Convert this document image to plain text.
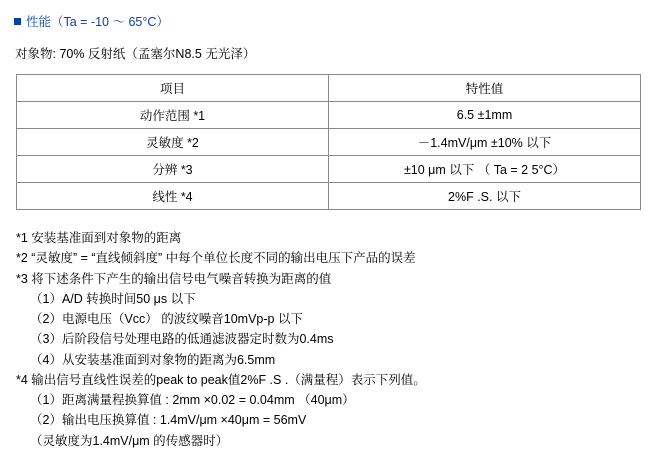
性能（Ta = -10 ～ 65°C）
对象物: 70% 反射纸（孟塞尔N8.5 无光泽）
项目	特性值
动作范围 *1	6.5 ±1mm
灵敏度 *2	－1.4mV/μm ±10% 以下
分辨 *3	±10 μm 以下 （ Ta = 2 5°C）
线性 *4	2%F .S. 以下
*1 安装基准面到对象物的距离
*2 “灵敏度” = “直线倾斜度” 中每个单位长度不同的输出电压下产品的误差
*3 将下述条件下产生的输出信号电气噪音转换为距离的值
（1）A/D 转换时间50 μs 以下
（2）电源电压（Vcc） 的波纹噪音10mVp-p 以下
（3）后阶段信号处理电路的低通滤波器定时数为0.4ms
（4）从安装基准面到对象物的距离为6.5mm
*4 输出信号直线性误差的peak to peak值2%F .S .（满量程）表示下列值。
（1）距离满量程换算值 : 2mm ×0.02 = 0.04mm （40μm）
（2）输出电压换算值 : 1.4mV/μm ×40μm = 56mV
（灵敏度为1.4mV/μm 的传感器时）
